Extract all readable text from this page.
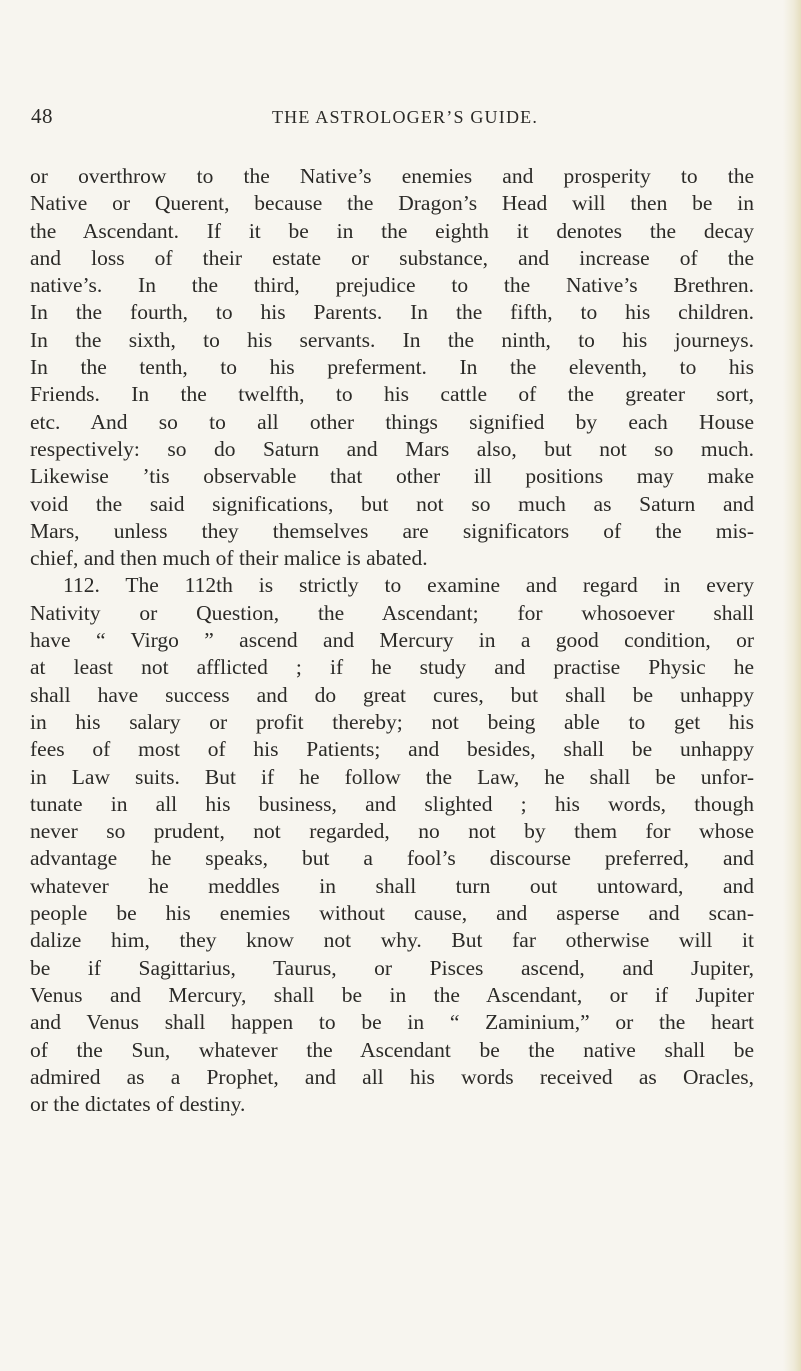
48	THE ASTROLOGER’S GUIDE.
or overthrow to the Native’s enemies and prosperity to the
Native or Querent, because the Dragon’s Head will then be in
the Ascendant. If it be in the eighth it denotes the decay
and loss of their estate or substance, and increase of the
native’s. In the third, prejudice to the Native’s Brethren.
In the fourth, to his Parents. In the fifth, to his children.
In the sixth, to his servants. In the ninth, to his journeys.
In the tenth, to his preferment. In the eleventh, to his
Friends. In the twelfth, to his cattle of the greater sort,
etc. And so to all other things signified by each House
respectively: so do Saturn and Mars also, but not so much.
Likewise ’tis observable that other ill positions may make
void the said significations, but not so much as Saturn and
Mars, unless they themselves are significators of the mis-
chief, and then much of their malice is abated.
112. The 112th is strictly to examine and regard in every
Nativity or Question, the Ascendant; for whosoever shall
have “ Virgo ” ascend and Mercury in a good condition, or
at least not afflicted ; if he study and practise Physic he
shall have success and do great cures, but shall be unhappy
in his salary or profit thereby; not being able to get his
fees of most of his Patients; and besides, shall be unhappy
in Law suits. But if he follow the Law, he shall be unfor-
tunate in all his business, and slighted ; his words, though
never so prudent, not regarded, no not by them for whose
advantage he speaks, but a fool’s discourse preferred, and
whatever he meddles in shall turn out untoward, and
people be his enemies without cause, and asperse and scan-
dalize him, they know not why. But far otherwise will it
be if Sagittarius, Taurus, or Pisces ascend, and Jupiter,
Venus and Mercury, shall be in the Ascendant, or if Jupiter
and Venus shall happen to be in “ Zaminium,” or the heart
of the Sun, whatever the Ascendant be the native shall be
admired as a Prophet, and all his words received as Oracles,
or the dictates of destiny.
